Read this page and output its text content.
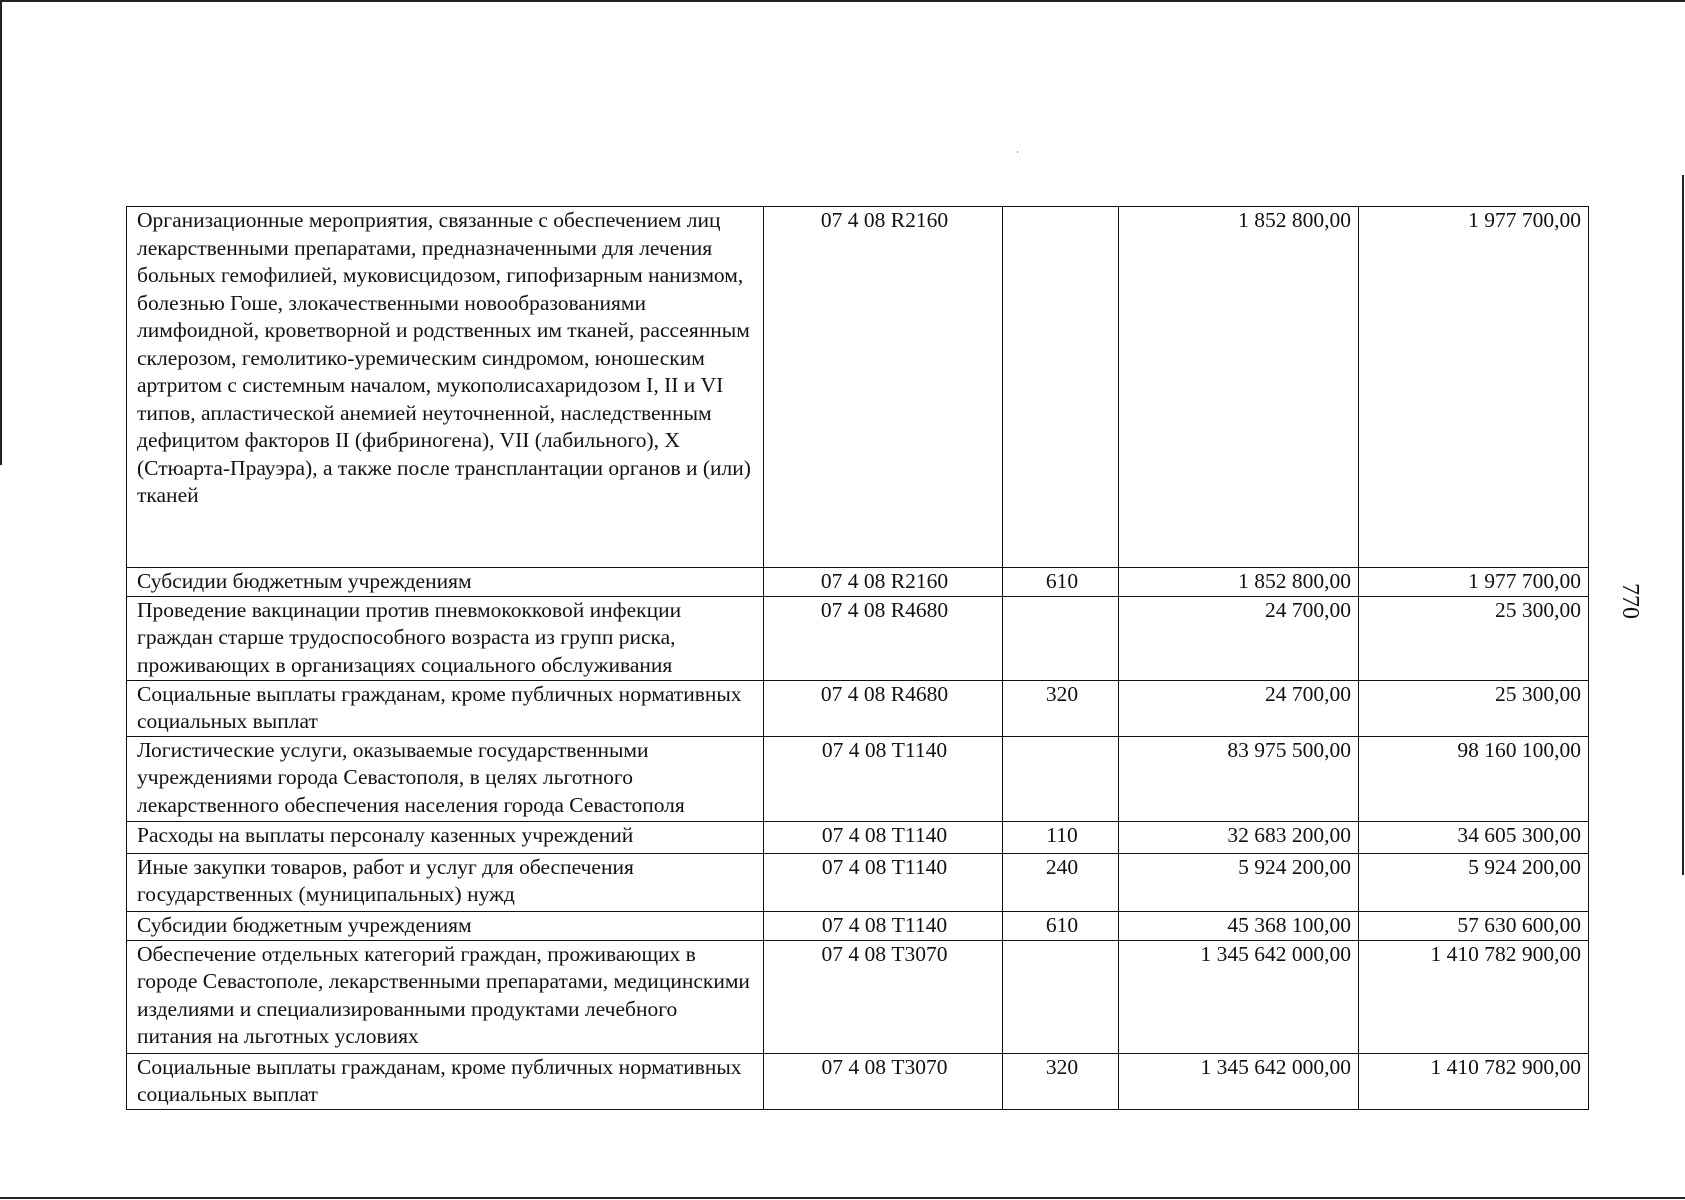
770
Организационные мероприятия, связанные с обеспечением лиц лекарственными препаратами, предназначенными для лечения больных гемофилией, муковисцидозом, гипофизарным нанизмом, болезнью Гоше, злокачественными новообразованиями лимфоидной, кроветворной и родственных им тканей, рассеянным склерозом, гемолитико-уремическим синдромом, юношеским артритом с системным началом, мукополисахаридозом I, II и VI типов, апластической анемией неуточненной, наследственным дефицитом факторов II (фибриногена), VII (лабильного), X (Стюарта-Прауэра), а также после трансплантации органов и (или) тканей	07 4 08 R2160		1 852 800,00	1 977 700,00
Субсидии бюджетным учреждениям	07 4 08 R2160	610	1 852 800,00	1 977 700,00
Проведение вакцинации против пневмококковой инфекции граждан старше трудоспособного возраста из групп риска, проживающих в организациях социального обслуживания	07 4 08 R4680		24 700,00	25 300,00
Социальные выплаты гражданам, кроме публичных нормативных социальных выплат	07 4 08 R4680	320	24 700,00	25 300,00
Логистические услуги, оказываемые государственными учреждениями города Севастополя, в целях льготного лекарственного обеспечения населения города Севастополя	07 4 08 Т1140		83 975 500,00	98 160 100,00
Расходы на выплаты персоналу казенных учреждений	07 4 08 Т1140	110	32 683 200,00	34 605 300,00
Иные закупки товаров, работ и услуг для обеспечения государственных (муниципальных) нужд	07 4 08 Т1140	240	5 924 200,00	5 924 200,00
Субсидии бюджетным учреждениям	07 4 08 Т1140	610	45 368 100,00	57 630 600,00
Обеспечение отдельных категорий граждан, проживающих в городе Севастополе, лекарственными препаратами, медицинскими изделиями и специализированными продуктами лечебного питания на льготных условиях	07 4 08 Т3070		1 345 642 000,00	1 410 782 900,00
Социальные выплаты гражданам, кроме публичных нормативных социальных выплат	07 4 08 Т3070	320	1 345 642 000,00	1 410 782 900,00
